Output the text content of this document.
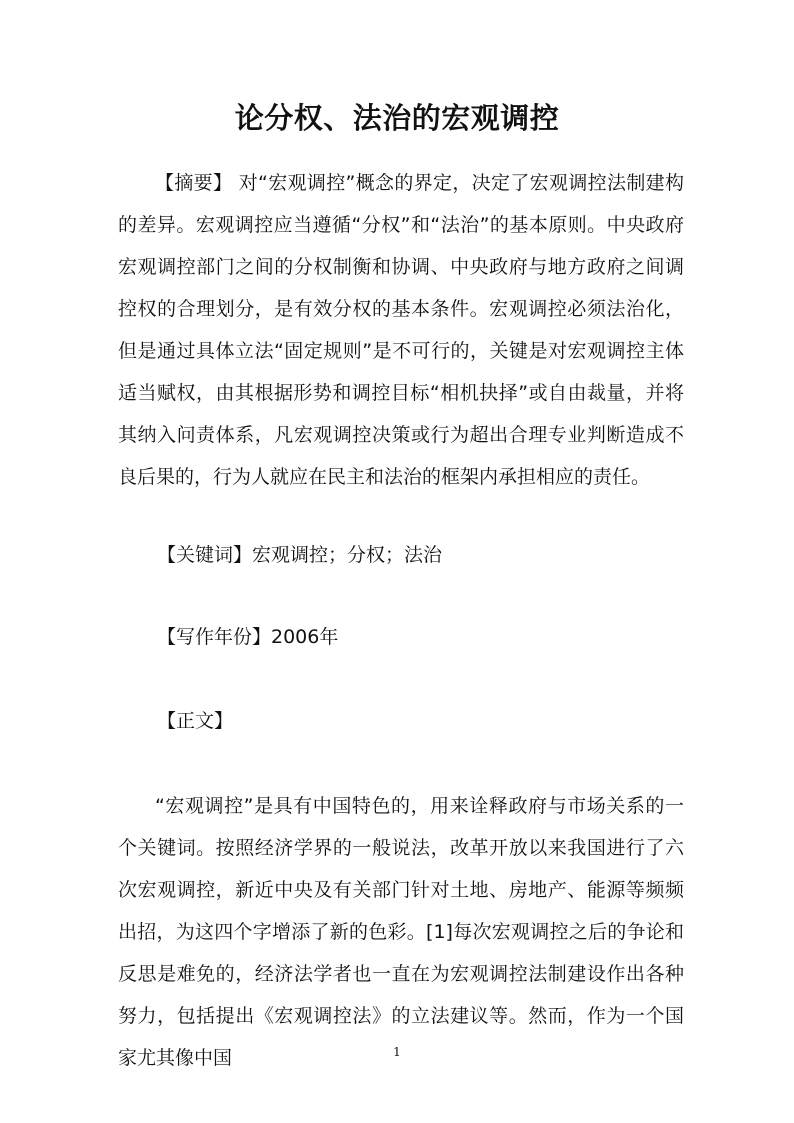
论分权、法治的宏观调控
【摘要】 对“宏观调控”概念的界定，决定了宏观调控法制建构的差异。宏观调控应当遵循“分权”和“法治”的基本原则。中央政府宏观调控部门之间的分权制衡和协调、中央政府与地方政府之间调控权的合理划分，是有效分权的基本条件。宏观调控必须法治化，但是通过具体立法“固定规则”是不可行的，关键是对宏观调控主体适当赋权，由其根据形势和调控目标“相机抉择”或自由裁量，并将其纳入问责体系，凡宏观调控决策或行为超出合理专业判断造成不良后果的，行为人就应在民主和法治的框架内承担相应的责任。
【关键词】宏观调控；分权；法治
【写作年份】2006年
【正文】
“宏观调控”是具有中国特色的，用来诠释政府与市场关系的一个关键词。按照经济学界的一般说法，改革开放以来我国进行了六次宏观调控，新近中央及有关部门针对土地、房地产、能源等频频出招，为这四个字增添了新的色彩。[1]每次宏观调控之后的争论和反思是难免的，经济法学者也一直在为宏观调控法制建设作出各种努力，包括提出《宏观调控法》的立法建议等。然而，作为一个国家尤其像中国	1
